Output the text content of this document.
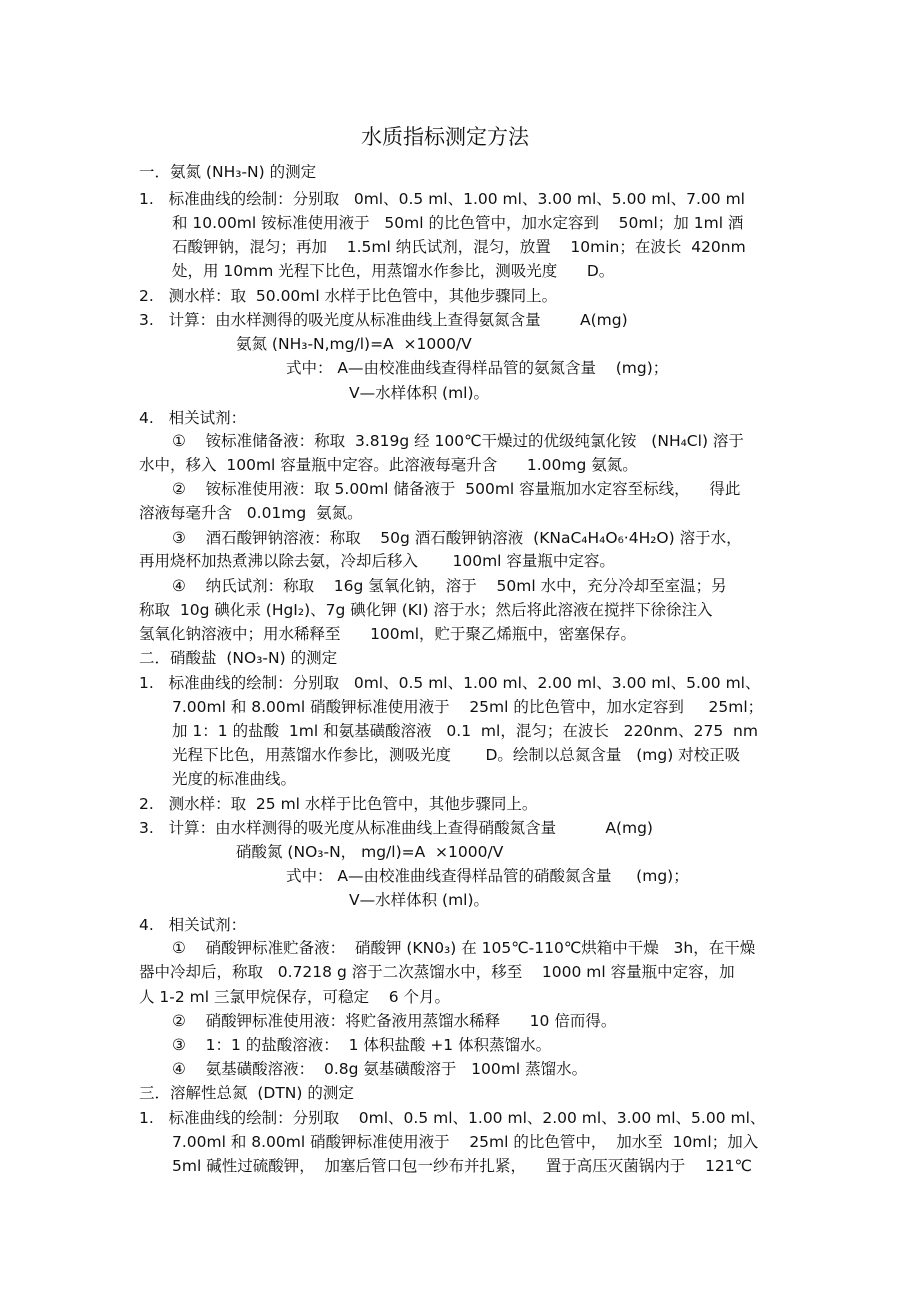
水质指标测定方法
一．氨氮 (NH₃-N) 的测定
1.   标准曲线的绘制：分别取   0ml、0.5 ml、1.00 ml、3.00 ml、5.00 ml、7.00 ml
和 10.00ml 铵标准使用液于   50ml 的比色管中，加水定容到    50ml；加 1ml 酒
石酸钾钠，混匀；再加    1.5ml 纳氏试剂，混匀，放置    10min；在波长  420nm
处，用 10mm 光程下比色，用蒸馏水作参比，测吸光度      D。
2.   测水样：取  50.00ml 水样于比色管中，其他步骤同上。
3.   计算：由水样测得的吸光度从标准曲线上查得氨氮含量        A(mg)
氨氮 (NH₃-N,mg/l)=A  ×1000/V
式中： A—由校准曲线查得样品管的氨氮含量    (mg)；
V—水样体积 (ml)。
4.   相关试剂：
①    铵标准储备液：称取  3.819g 经 100℃干燥过的优级纯氯化铵   (NH₄Cl) 溶于
水中，移入  100ml 容量瓶中定容。此溶液每毫升含      1.00mg 氨氮。
②    铵标准使用液：取 5.00ml 储备液于  500ml 容量瓶加水定容至标线，    得此
溶液每毫升含   0.01mg  氨氮。
③    酒石酸钾钠溶液：称取    50g 酒石酸钾钠溶液  (KNaC₄H₄O₆·4H₂O) 溶于水，
再用烧杯加热煮沸以除去氨，冷却后移入       100ml 容量瓶中定容。
④    纳氏试剂：称取    16g 氢氧化钠，溶于    50ml 水中，充分冷却至室温；另
称取  10g 碘化汞 (HgI₂)、7g 碘化钾 (KI) 溶于水；然后将此溶液在搅拌下徐徐注入
氢氧化钠溶液中；用水稀释至      100ml，贮于聚乙烯瓶中，密塞保存。
二．硝酸盐  (NO₃-N) 的测定
1.   标准曲线的绘制：分别取   0ml、0.5 ml、1.00 ml、2.00 ml、3.00 ml、5.00 ml、
7.00ml 和 8.00ml 硝酸钾标准使用液于    25ml 的比色管中，加水定容到     25ml；
加 1：1 的盐酸  1ml 和氨基磺酸溶液   0.1  ml，混匀；在波长   220nm、275  nm
光程下比色，用蒸馏水作参比，测吸光度       D。绘制以总氮含量   (mg) 对校正吸
光度的标准曲线。
2.   测水样：取  25 ml 水样于比色管中，其他步骤同上。
3.   计算：由水样测得的吸光度从标准曲线上查得硝酸氮含量          A(mg)
硝酸氮 (NO₃-N， mg/l)=A  ×1000/V
式中： A—由校准曲线查得样品管的硝酸氮含量     (mg)；
V—水样体积 (ml)。
4.   相关试剂：
①    硝酸钾标准贮备液：  硝酸钾 (KN0₃) 在 105℃-110℃烘箱中干燥   3h，在干燥
器中冷却后，称取   0.7218 g 溶于二次蒸馏水中，移至    1000 ml 容量瓶中定容，加
人 1-2 ml 三氯甲烷保存，可稳定    6 个月。
②    硝酸钾标准使用液：将贮备液用蒸馏水稀释      10 倍而得。
③    1：1 的盐酸溶液：  1 体积盐酸 +1 体积蒸馏水。
④    氨基磺酸溶液：  0.8g 氨基磺酸溶于   100ml 蒸馏水。
三．溶解性总氮  (DTN) 的测定
1.   标准曲线的绘制：分别取    0ml、0.5 ml、1.00 ml、2.00 ml、3.00 ml、5.00 ml、
7.00ml 和 8.00ml 硝酸钾标准使用液于    25ml 的比色管中，  加水至  10ml；加入
5ml 碱性过硫酸钾，  加塞后管口包一纱布并扎紧，    置于高压灭菌锅内于    121℃
